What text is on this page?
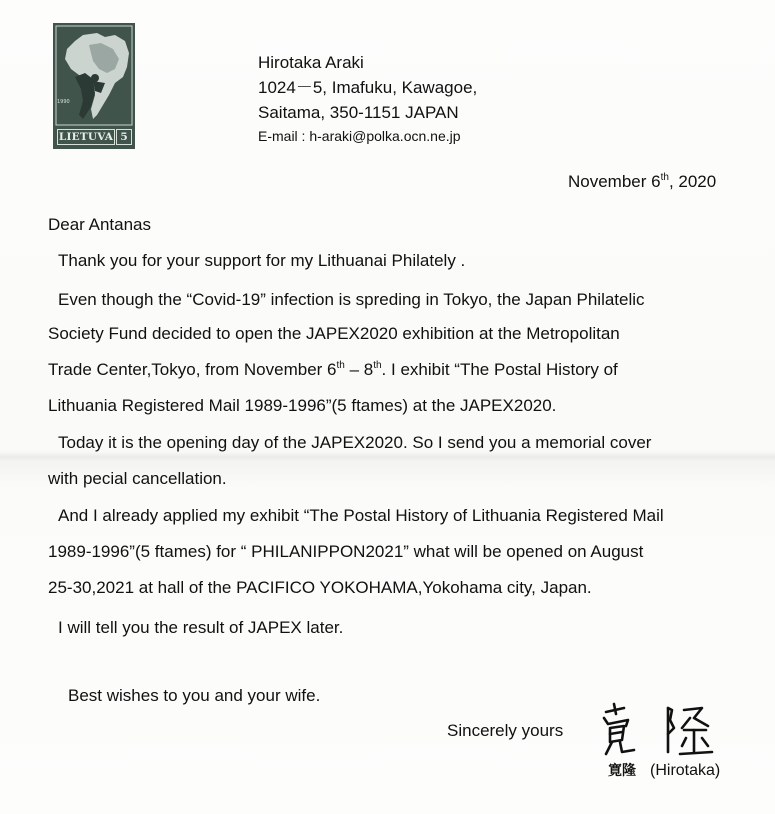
1990
LIETUVA 5
Hirotaka Araki
1024－5, Imafuku, Kawagoe,
Saitama, 350-1151 JAPAN
E-mail : h-araki@polka.ocn.ne.jp
November 6th, 2020
Dear Antanas
Thank you for your support for my Lithuanai Philately .
Even though the “Covid-19” infection is spreding in Tokyo, the Japan Philatelic
Society Fund decided to open the JAPEX2020 exhibition at the Metropolitan
Trade Center,Tokyo, from November 6th – 8th. I exhibit “The Postal History of
Lithuania Registered Mail 1989-1996”(5 ftames) at the JAPEX2020.
Today it is the opening day of the JAPEX2020. So I send you a memorial cover
with pecial cancellation.
And I already applied my exhibit “The Postal History of Lithuania Registered Mail
1989-1996”(5 ftames) for “ PHILANIPPON2021” what will be opened on August
25-30,2021 at hall of the PACIFICO YOKOHAMA,Yokohama city, Japan.
I will tell you the result of JAPEX later.
Best wishes to you and your wife.
Sincerely yours
寛隆 (Hirotaka)
